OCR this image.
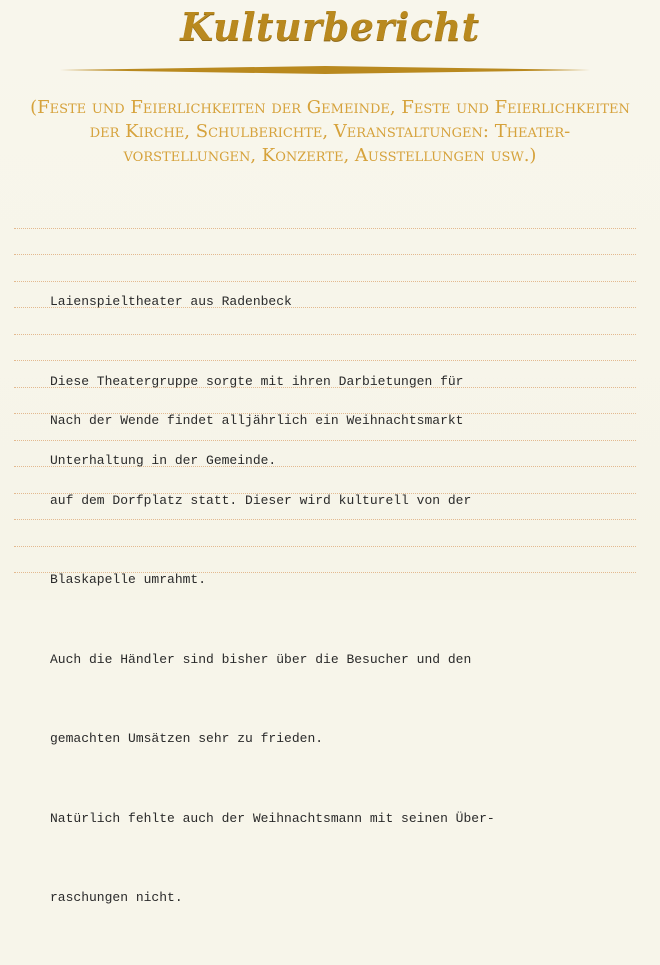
Kulturbericht
(Feste und Feierlichkeiten der Gemeinde, Feste und Feierlichkeiten
der Kirche, Schulberichte, Veranstaltungen: Theater-
vorstellungen, Konzerte, Ausstellungen usw.)

Laienspieltheater aus Radenbeck

Diese Theatergruppe sorgte mit ihren Darbietungen für

Unterhaltung in der Gemeinde.

Nach der Wende findet alljährlich ein Weihnachtsmarkt

auf dem Dorfplatz statt. Dieser wird kulturell von der

Blaskapelle umrahmt.

Auch die Händler sind bisher über die Besucher und den

gemachten Umsätzen sehr zu frieden.

Natürlich fehlte auch der Weihnachtsmann mit seinen Über-

raschungen nicht.
